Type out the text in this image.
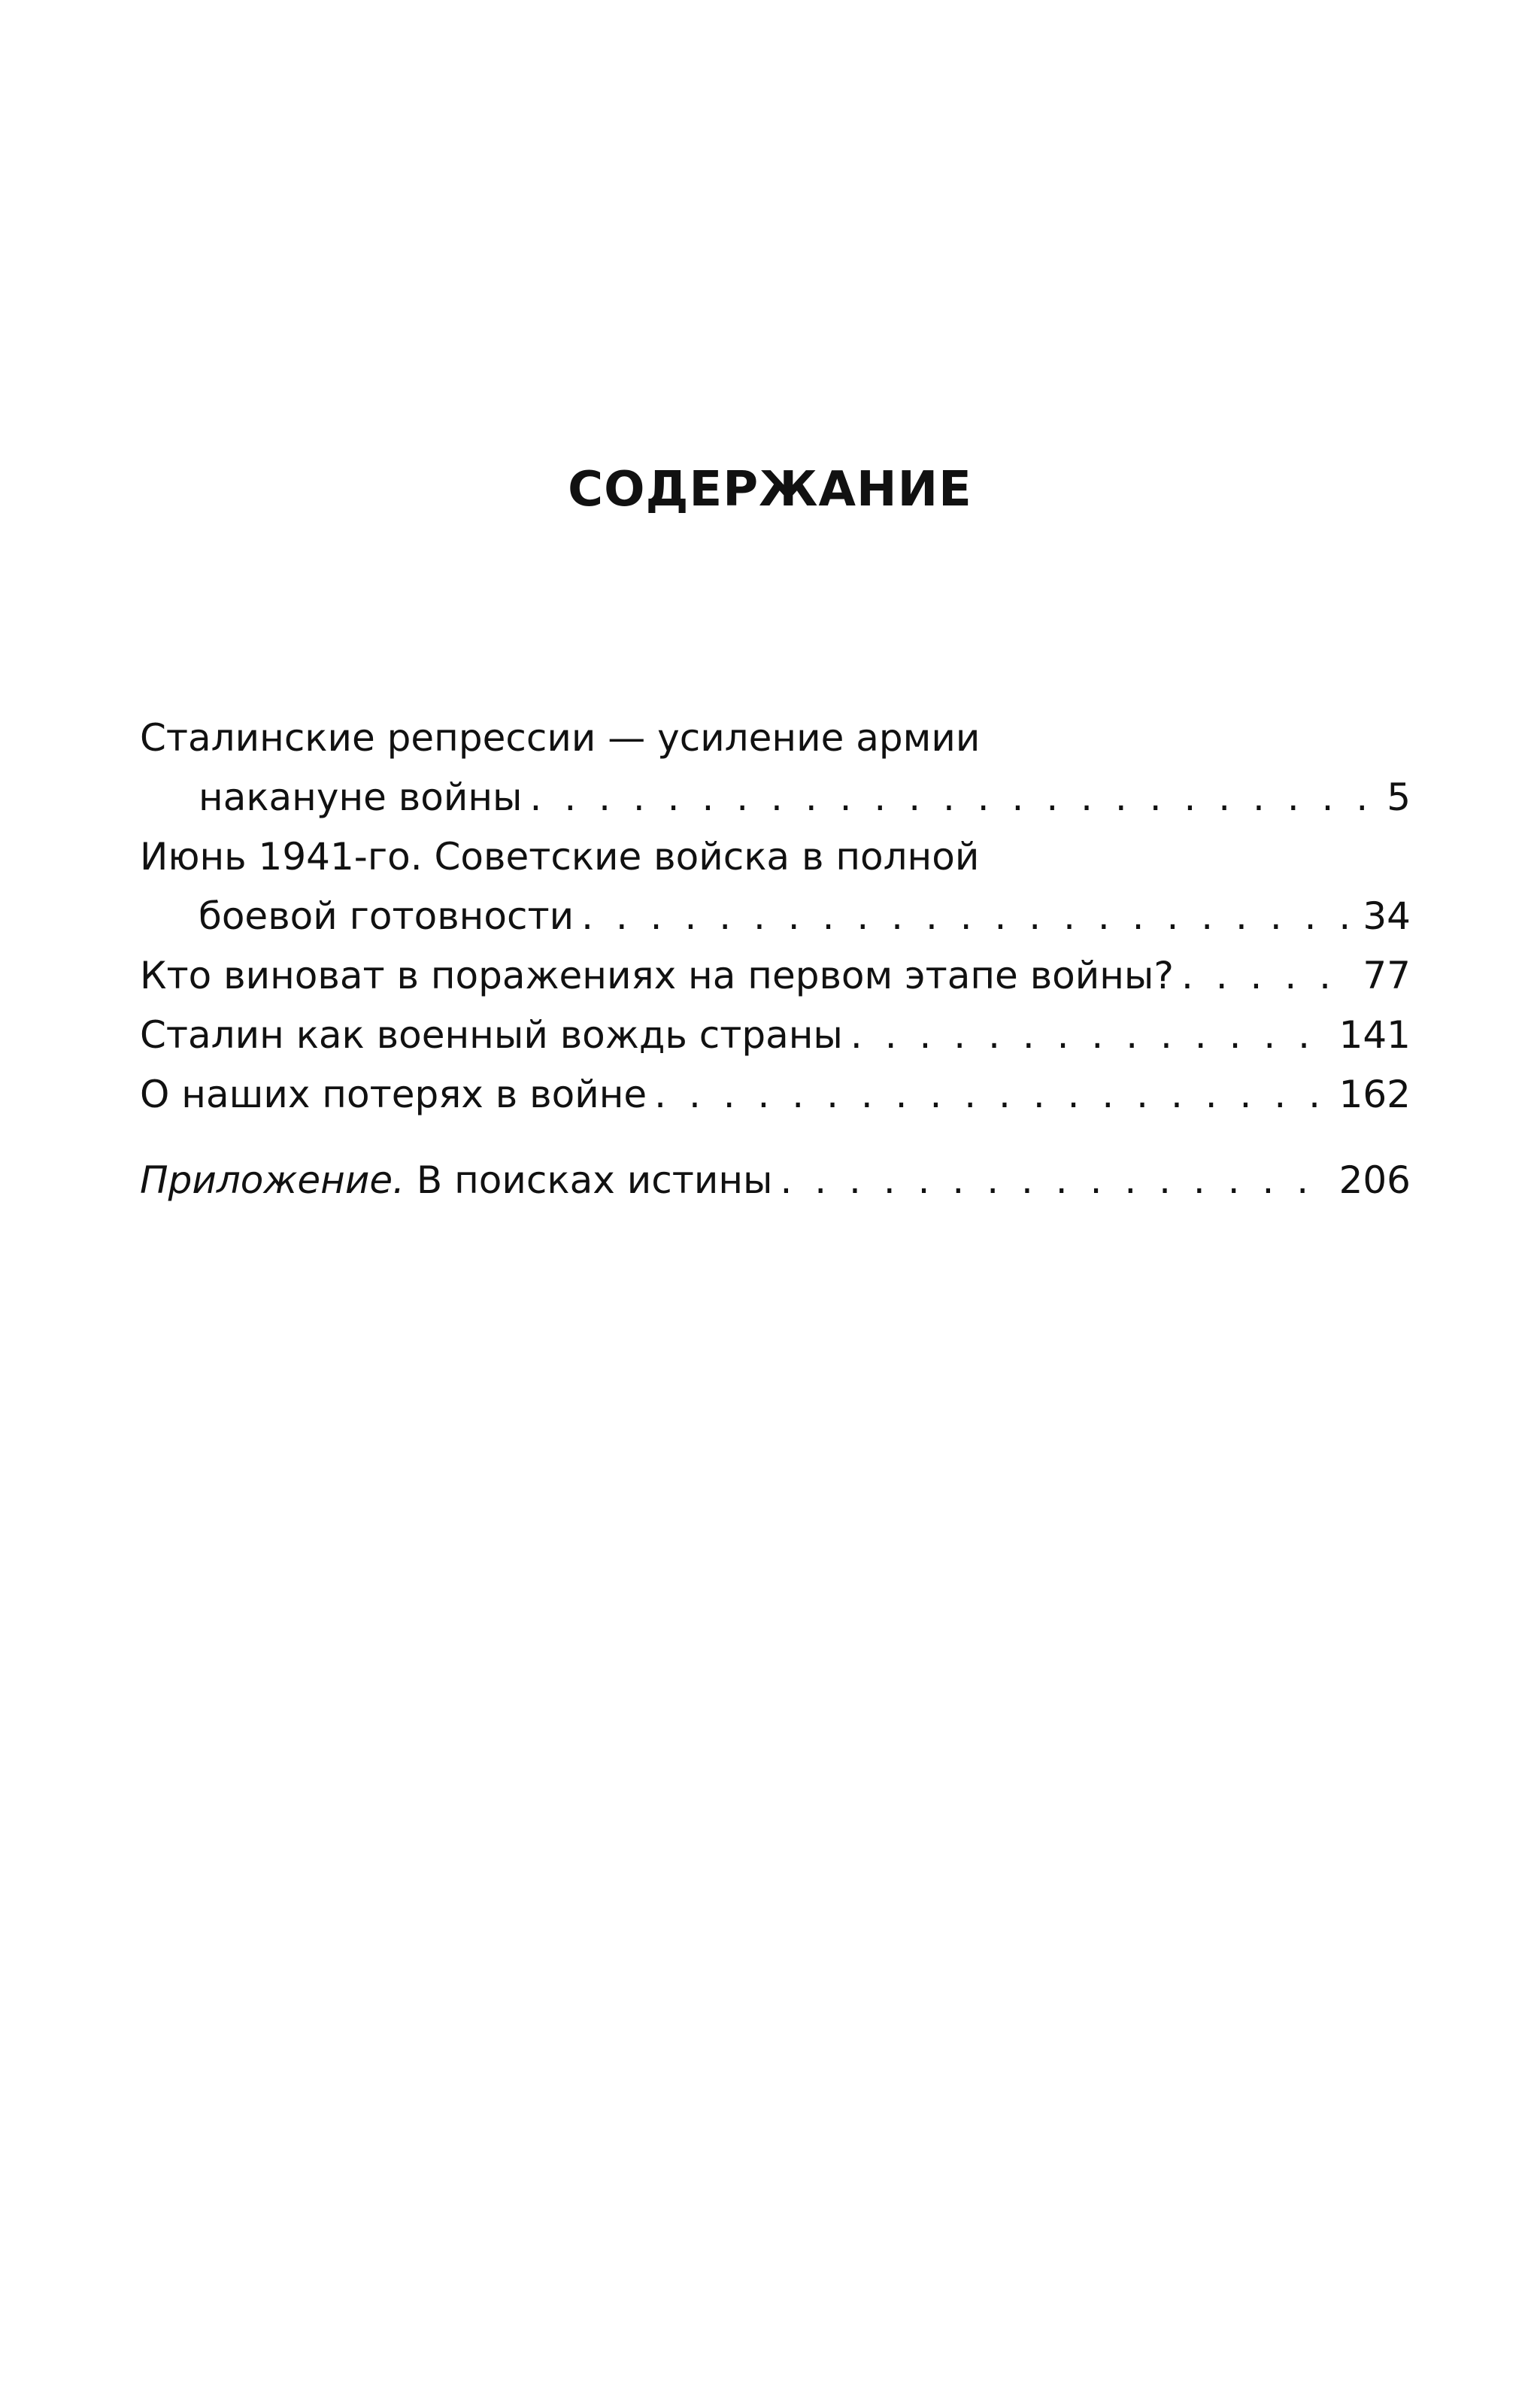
СОДЕРЖАНИЕ
Сталинские репрессии — усиление армии
накануне войны . . .	5
Июнь 1941-го. Советские войска в полной
боевой готовности . . .	34
Кто виноват в поражениях на первом этапе войны? . . .	77
Сталин как военный вождь страны . . .	141
О наших потерях в войне . . .	162
Приложение. В поисках истины . . .	206
